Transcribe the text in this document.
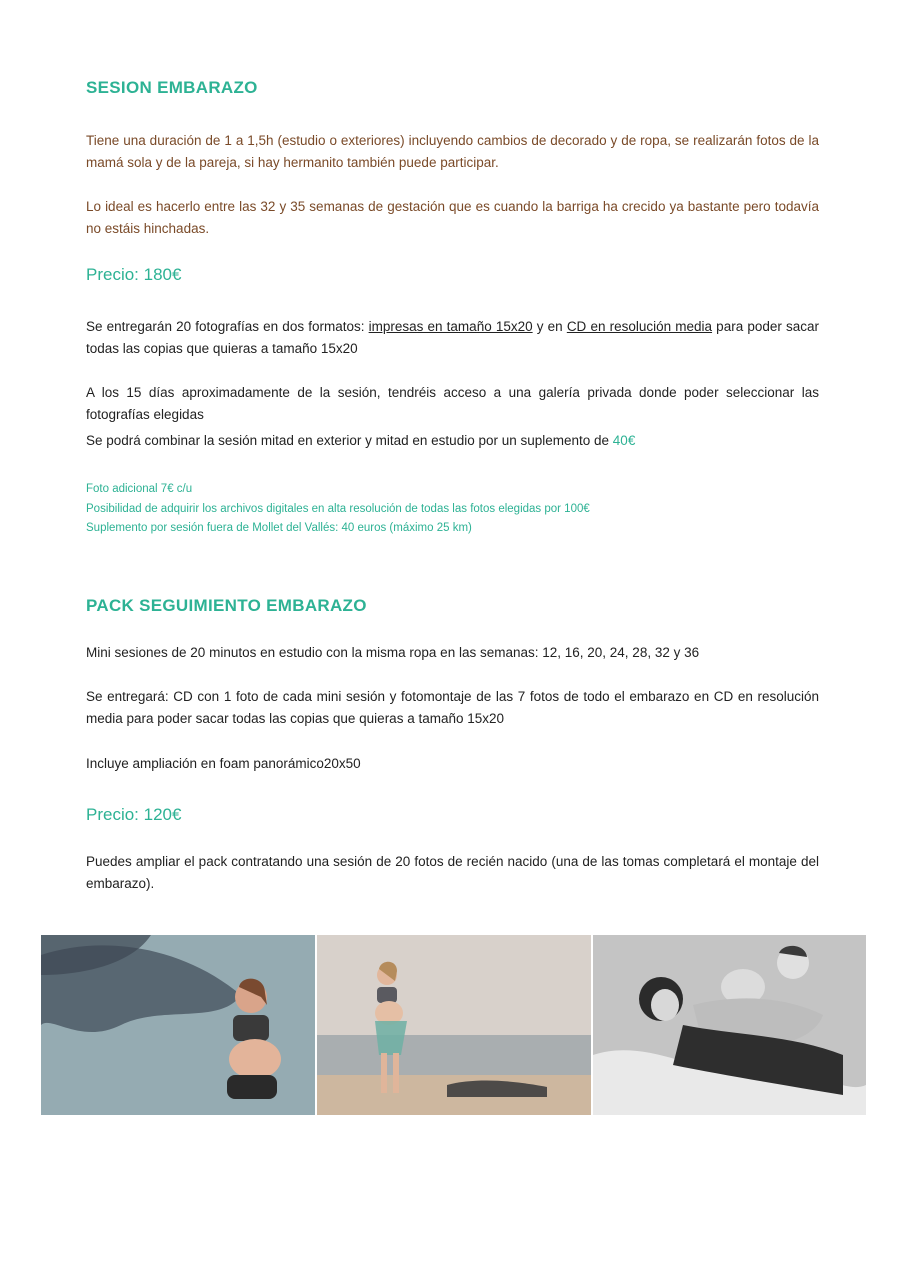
SESION EMBARAZO

Tiene una duración de 1 a 1,5h (estudio o exteriores) incluyendo cambios de decorado y de ropa, se realizarán fotos de la mamá sola y de la pareja, si hay hermanito también puede participar.

Lo ideal es hacerlo entre las 32 y 35 semanas de gestación que es cuando la barriga ha crecido ya bastante pero todavía no estáis hinchadas.

Precio: 180€

Se entregarán 20 fotografías en dos formatos: impresas en tamaño 15x20 y en CD en resolución media para poder sacar todas las copias que quieras a tamaño 15x20

A los 15 días aproximadamente de la sesión, tendréis acceso a una galería privada donde poder seleccionar las fotografías elegidas

Se podrá combinar la sesión mitad en exterior y mitad en estudio por un suplemento de 40€

Foto adicional 7€ c/u

Posibilidad de adquirir los archivos digitales en alta resolución de todas las fotos elegidas por 100€

Suplemento por sesión fuera de Mollet del Vallés: 40 euros (máximo 25 km)

PACK SEGUIMIENTO EMBARAZO

Mini sesiones de 20 minutos en estudio con la misma ropa en las semanas: 12, 16, 20, 24, 28, 32 y 36

Se entregará: CD con 1 foto de cada mini sesión y fotomontaje de las 7 fotos de todo el embarazo en CD en resolución media para poder sacar todas las copias que quieras a tamaño 15x20

Incluye ampliación en foam panorámico20x50

Precio: 120€

Puedes ampliar el pack contratando una sesión de 20 fotos de recién nacido (una de las tomas completará el montaje del embarazo).
